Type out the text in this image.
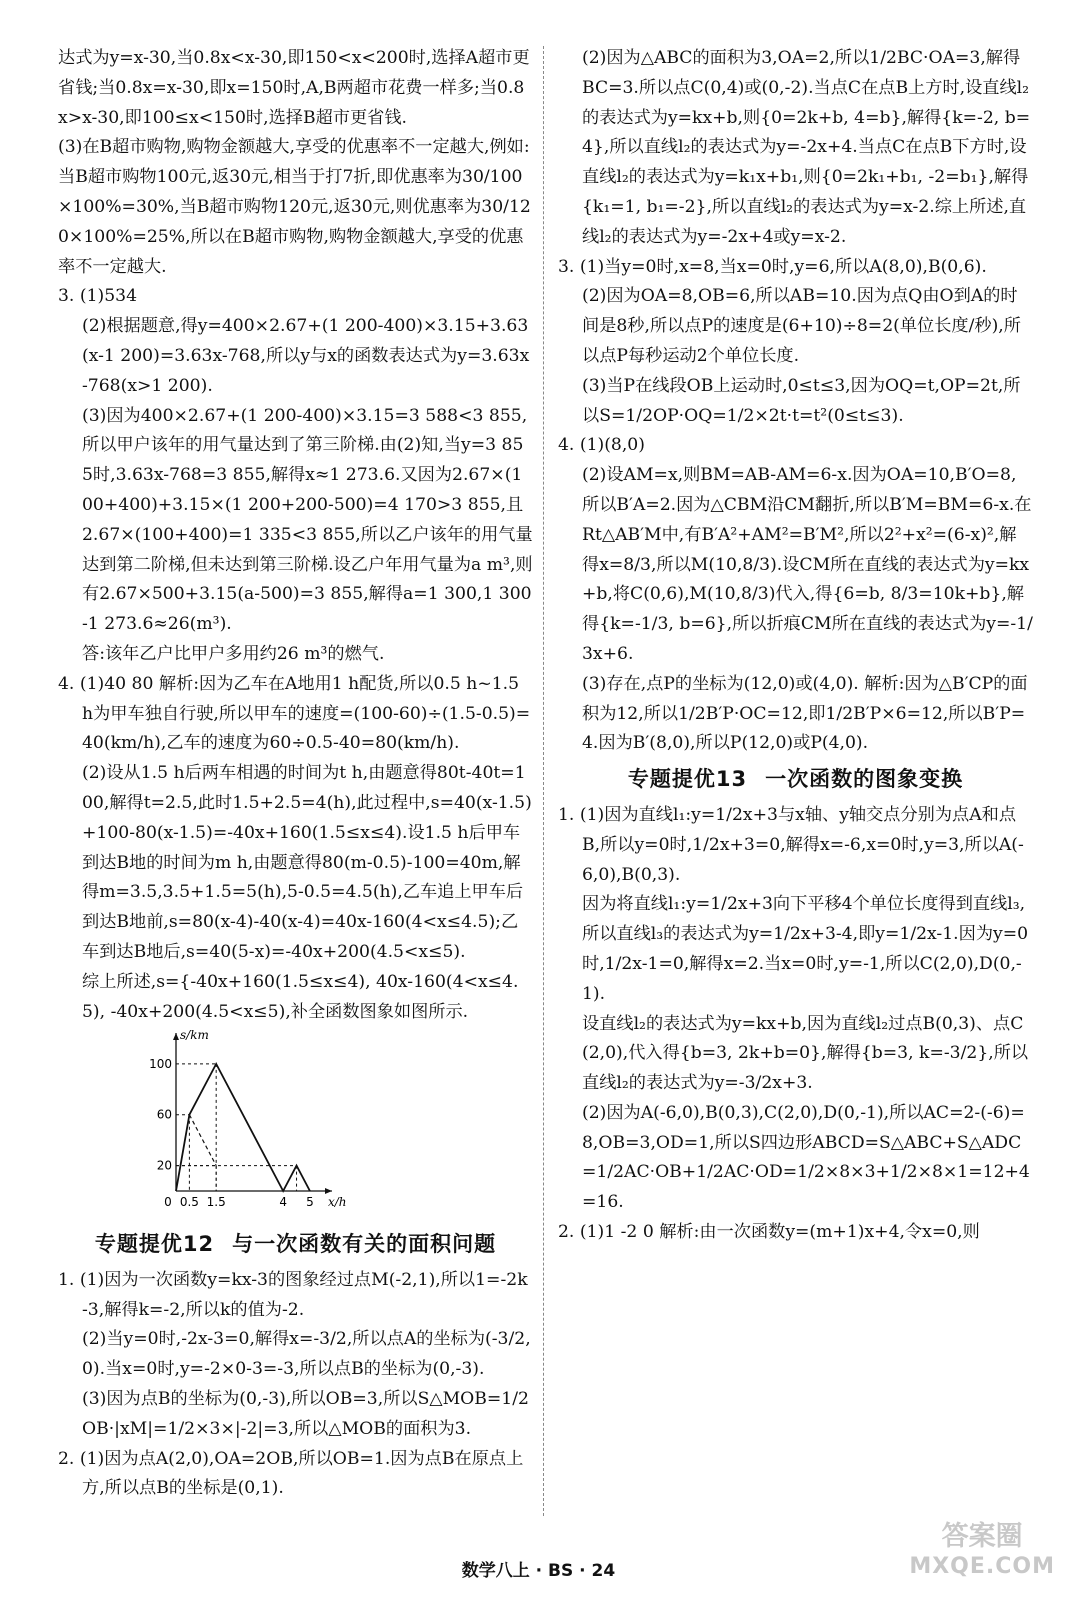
达式为y=x-30,当0.8x<x-30,即150<x<200时,选择A超市更省钱;当0.8x=x-30,即x=150时,A,B两超市花费一样多;当0.8x>x-30,即100≤x<150时,选择B超市更省钱.

(3)在B超市购物,购物金额越大,享受的优惠率不一定越大,例如:当B超市购物100元,返30元,相当于打7折,即优惠率为30/100×100%=30%,当B超市购物120元,返30元,则优惠率为30/120×100%=25%,所以在B超市购物,购物金额越大,享受的优惠率不一定越大.

3. (1)534

(2)根据题意,得y=400×2.67+(1 200-400)×3.15+3.63(x-1 200)=3.63x-768,所以y与x的函数表达式为y=3.63x-768(x>1 200).

(3)因为400×2.67+(1 200-400)×3.15=3 588<3 855,所以甲户该年的用气量达到了第三阶梯.由(2)知,当y=3 855时,3.63x-768=3 855,解得x≈1 273.6.又因为2.67×(100+400)+3.15×(1 200+200-500)=4 170>3 855,且2.67×(100+400)=1 335<3 855,所以乙户该年的用气量达到第二阶梯,但未达到第三阶梯.设乙户年用气量为a m³,则有2.67×500+3.15(a-500)=3 855,解得a=1 300,1 300-1 273.6≈26(m³).

答:该年乙户比甲户多用约26 m³的燃气.

4. (1)40 80 解析:因为乙车在A地用1 h配货,所以0.5 h~1.5 h为甲车独自行驶,所以甲车的速度=(100-60)÷(1.5-0.5)=40(km/h),乙车的速度为60÷0.5-40=80(km/h).

(2)设从1.5 h后两车相遇的时间为t h,由题意得80t-40t=100,解得t=2.5,此时1.5+2.5=4(h),此过程中,s=40(x-1.5)+100-80(x-1.5)=-40x+160(1.5≤x≤4).设1.5 h后甲车到达B地的时间为m h,由题意得80(m-0.5)-100=40m,解得m=3.5,3.5+1.5=5(h),5-0.5=4.5(h),乙车追上甲车后到达B地前,s=80(x-4)-40(x-4)=40x-160(4<x≤4.5);乙车到达B地后,s=40(5-x)=-40x+200(4.5<x≤5).

综上所述,s={-40x+160(1.5≤x≤4), 40x-160(4<x≤4.5), -40x+200(4.5<x≤5),补全函数图象如图所示.

0 0.5 1.5	4 5
20
60
100
x/h
s/km
专题提优12 与一次函数有关的面积问题

1. (1)因为一次函数y=kx-3的图象经过点M(-2,1),所以1=-2k-3,解得k=-2,所以k的值为-2.

(2)当y=0时,-2x-3=0,解得x=-3/2,所以点A的坐标为(-3/2,0).当x=0时,y=-2×0-3=-3,所以点B的坐标为(0,-3).

(3)因为点B的坐标为(0,-3),所以OB=3,所以S△MOB=1/2OB·|xM|=1/2×3×|-2|=3,所以△MOB的面积为3.

2. (1)因为点A(2,0),OA=2OB,所以OB=1.因为点B在原点上方,所以点B的坐标是(0,1).

(2)因为△ABC的面积为3,OA=2,所以1/2BC·OA=3,解得BC=3.所以点C(0,4)或(0,-2).当点C在点B上方时,设直线l₂的表达式为y=kx+b,则{0=2k+b, 4=b},解得{k=-2, b=4},所以直线l₂的表达式为y=-2x+4.当点C在点B下方时,设直线l₂的表达式为y=k₁x+b₁,则{0=2k₁+b₁, -2=b₁},解得{k₁=1, b₁=-2},所以直线l₂的表达式为y=x-2.综上所述,直线l₂的表达式为y=-2x+4或y=x-2.

3. (1)当y=0时,x=8,当x=0时,y=6,所以A(8,0),B(0,6).

(2)因为OA=8,OB=6,所以AB=10.因为点Q由O到A的时间是8秒,所以点P的速度是(6+10)÷8=2(单位长度/秒),所以点P每秒运动2个单位长度.

(3)当P在线段OB上运动时,0≤t≤3,因为OQ=t,OP=2t,所以S=1/2OP·OQ=1/2×2t·t=t²(0≤t≤3).

4. (1)(8,0)

(2)设AM=x,则BM=AB-AM=6-x.因为OA=10,B′O=8,所以B′A=2.因为△CBM沿CM翻折,所以B′M=BM=6-x.在Rt△AB′M中,有B′A²+AM²=B′M²,所以2²+x²=(6-x)²,解得x=8/3,所以M(10,8/3).设CM所在直线的表达式为y=kx+b,将C(0,6),M(10,8/3)代入,得{6=b, 8/3=10k+b},解得{k=-1/3, b=6},所以折痕CM所在直线的表达式为y=-1/3x+6.

(3)存在,点P的坐标为(12,0)或(4,0). 解析:因为△B′CP的面积为12,所以1/2B′P·OC=12,即1/2B′P×6=12,所以B′P=4.因为B′(8,0),所以P(12,0)或P(4,0).

专题提优13 一次函数的图象变换

1. (1)因为直线l₁:y=1/2x+3与x轴、y轴交点分别为点A和点B,所以y=0时,1/2x+3=0,解得x=-6,x=0时,y=3,所以A(-6,0),B(0,3).

因为将直线l₁:y=1/2x+3向下平移4个单位长度得到直线l₃,所以直线l₃的表达式为y=1/2x+3-4,即y=1/2x-1.因为y=0时,1/2x-1=0,解得x=2.当x=0时,y=-1,所以C(2,0),D(0,-1).

设直线l₂的表达式为y=kx+b,因为直线l₂过点B(0,3)、点C(2,0),代入得{b=3, 2k+b=0},解得{b=3, k=-3/2},所以直线l₂的表达式为y=-3/2x+3.

(2)因为A(-6,0),B(0,3),C(2,0),D(0,-1),所以AC=2-(-6)=8,OB=3,OD=1,所以S四边形ABCD=S△ABC+S△ADC=1/2AC·OB+1/2AC·OD=1/2×8×3+1/2×8×1=12+4=16.

2. (1)1 -2 0 解析:由一次函数y=(m+1)x+4,令x=0,则

数学八上 · BS · 24
答案圈
MXQE.COM
